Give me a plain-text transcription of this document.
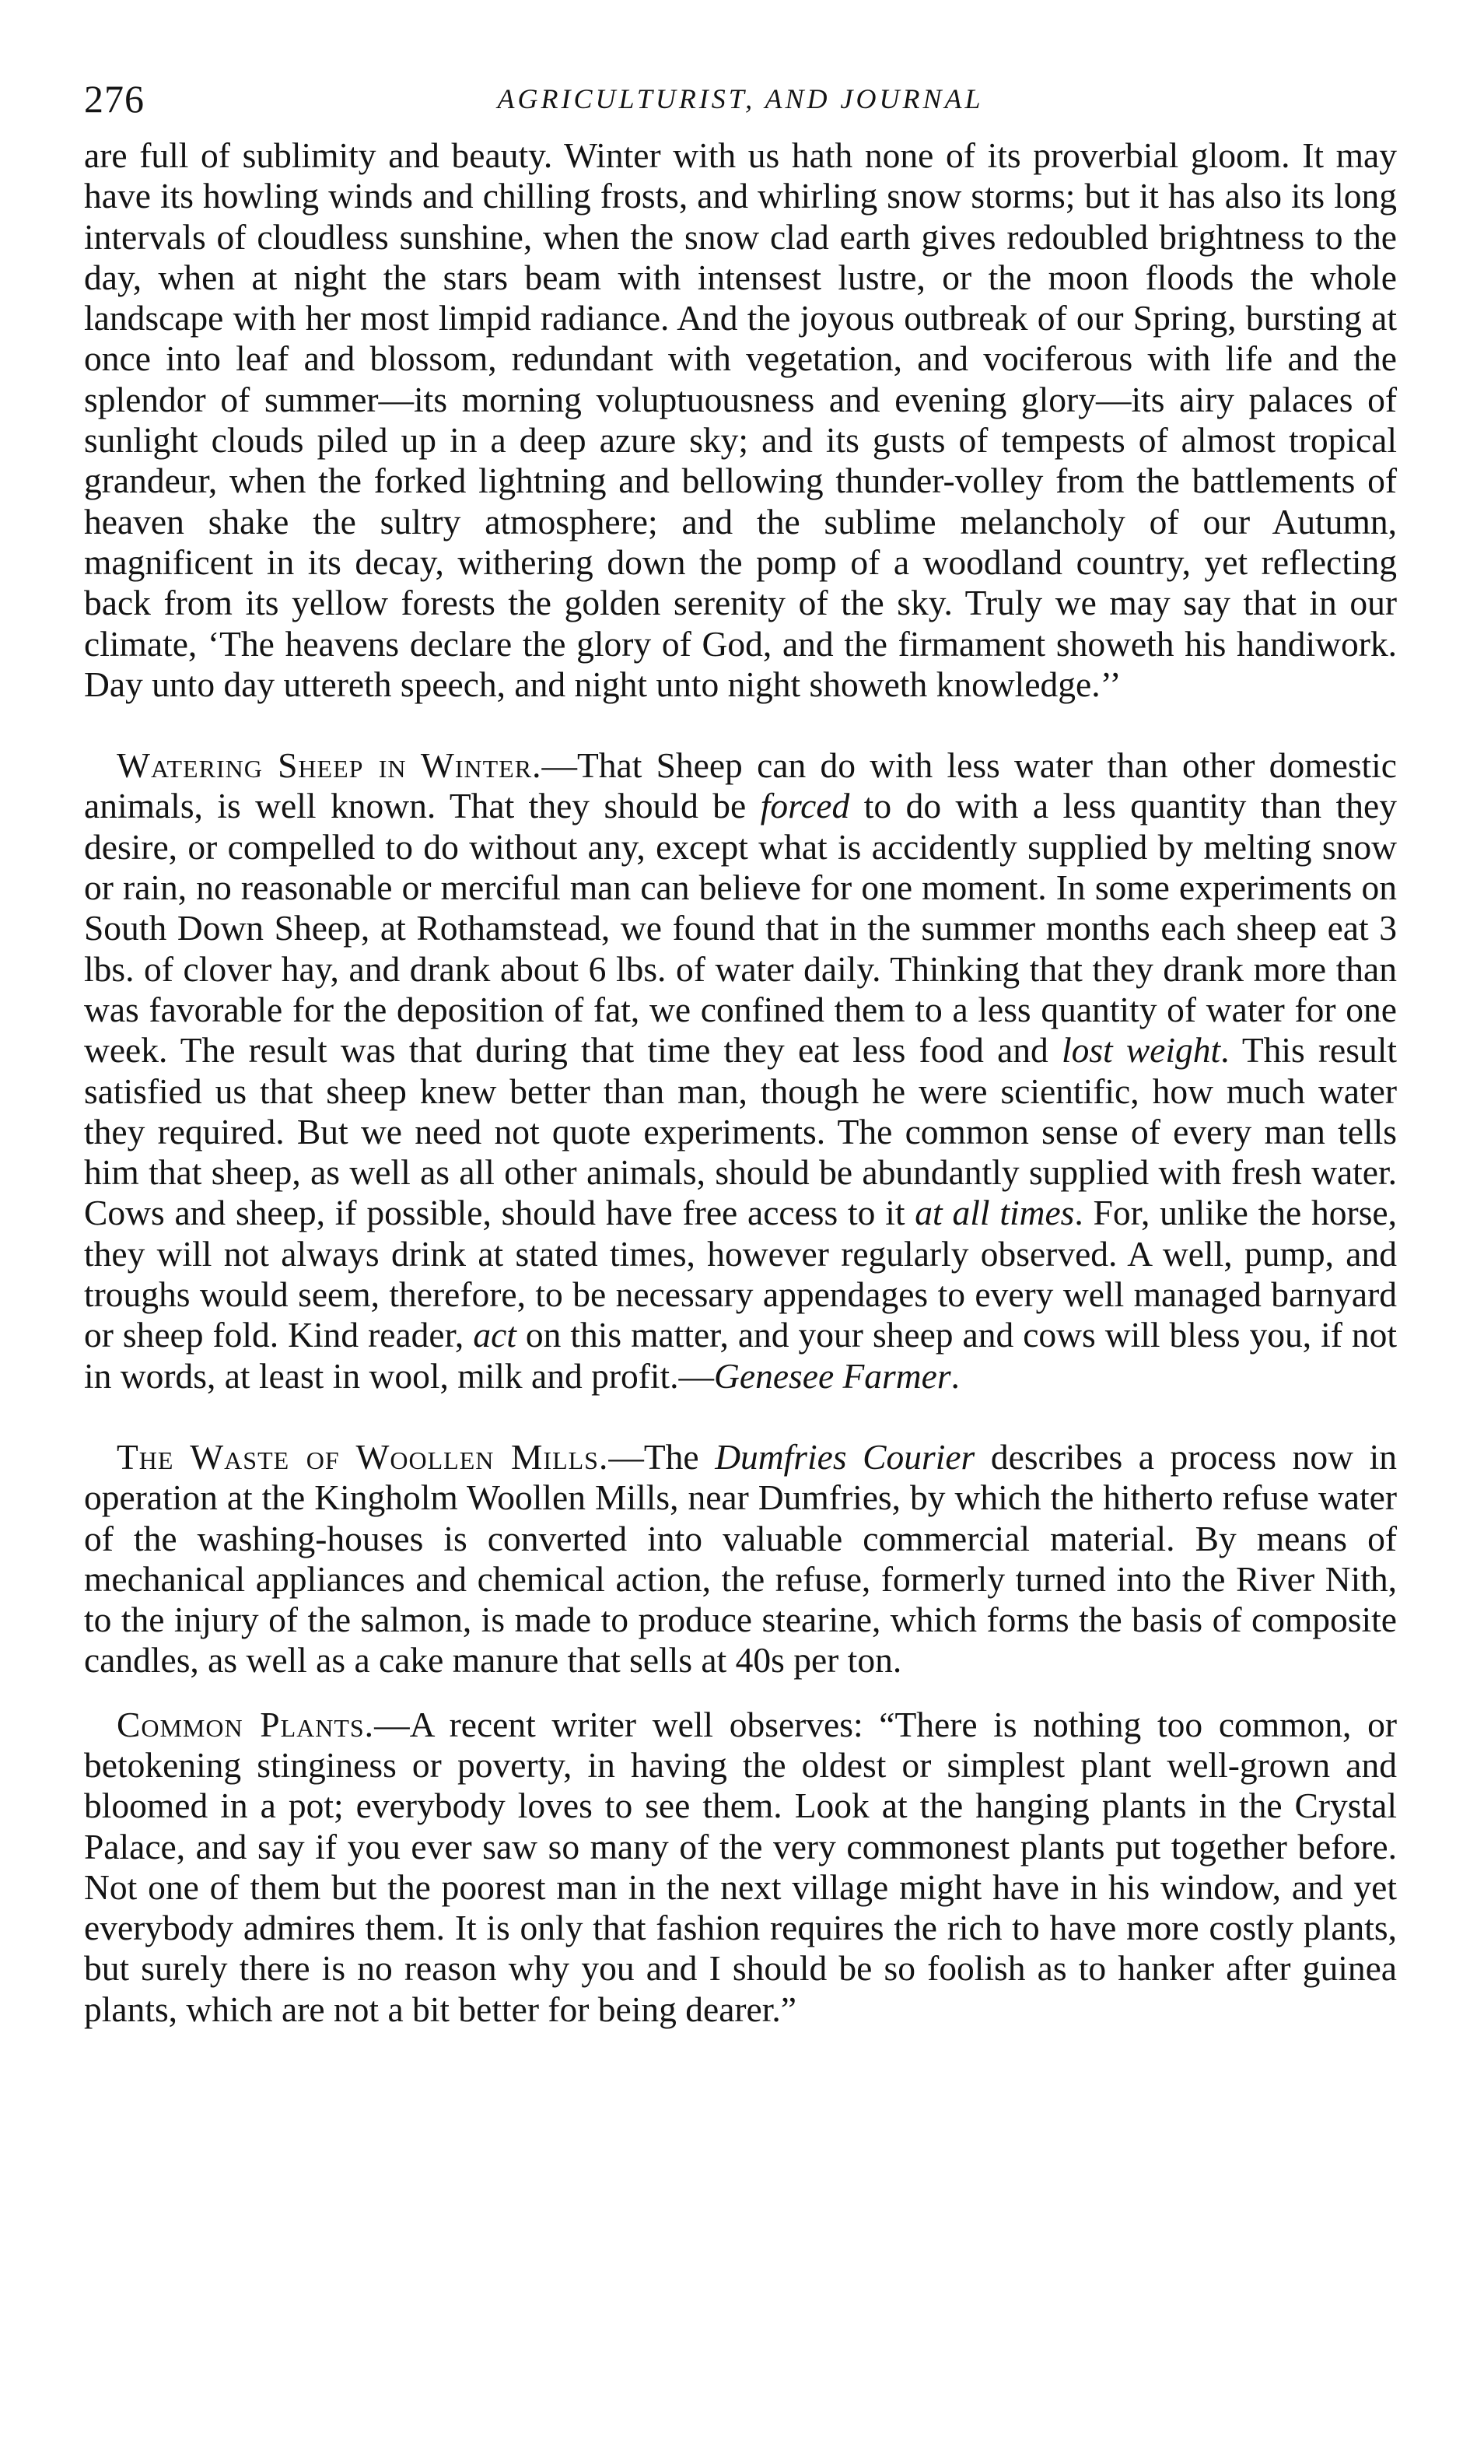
276	AGRICULTURIST, AND JOURNAL

are full of sublimity and beauty. Winter with us hath none of its proverbial gloom. It may have its howling winds and chilling frosts, and whirling snow storms; but it has also its long intervals of cloudless sunshine, when the snow clad earth gives redoubled brightness to the day, when at night the stars beam with intensest lustre, or the moon floods the whole landscape with her most limpid radiance. And the joyous outbreak of our Spring, bursting at once into leaf and blossom, redundant with vegetation, and vociferous with life and the splendor of summer—its morning voluptuousness and evening glory—its airy palaces of sunlight clouds piled up in a deep azure sky; and its gusts of tempests of almost tropical grandeur, when the forked lightning and bellowing thunder-volley from the battlements of heaven shake the sultry atmosphere; and the sublime melancholy of our Autumn, magnificent in its decay, withering down the pomp of a woodland country, yet reflecting back from its yellow forests the golden serenity of the sky. Truly we may say that in our climate, ‘The heavens declare the glory of God, and the firmament showeth his handiwork. Day unto day uttereth speech, and night unto night showeth knowledge.’’

Watering Sheep in Winter.—That Sheep can do with less water than other domestic animals, is well known. That they should be forced to do with a less quantity than they desire, or compelled to do without any, except what is accidently supplied by melting snow or rain, no reasonable or merciful man can believe for one moment. In some experiments on South Down Sheep, at Rothamstead, we found that in the summer months each sheep eat 3 lbs. of clover hay, and drank about 6 lbs. of water daily. Thinking that they drank more than was favorable for the deposition of fat, we confined them to a less quantity of water for one week. The result was that during that time they eat less food and lost weight. This result satisfied us that sheep knew better than man, though he were scientific, how much water they required. But we need not quote experiments. The common sense of every man tells him that sheep, as well as all other animals, should be abundantly supplied with fresh water. Cows and sheep, if possible, should have free access to it at all times. For, unlike the horse, they will not always drink at stated times, however regularly observed. A well, pump, and troughs would seem, therefore, to be necessary appendages to every well managed barnyard or sheep fold. Kind reader, act on this matter, and your sheep and cows will bless you, if not in words, at least in wool, milk and profit.—Genesee Farmer.

The Waste of Woollen Mills.—The Dumfries Courier describes a process now in operation at the Kingholm Woollen Mills, near Dumfries, by which the hitherto refuse water of the washing-houses is converted into valuable commercial material. By means of mechanical appliances and chemical action, the refuse, formerly turned into the River Nith, to the injury of the salmon, is made to produce stearine, which forms the basis of composite candles, as well as a cake manure that sells at 40s per ton.

Common Plants.—A recent writer well observes: “There is nothing too common, or betokening stinginess or poverty, in having the oldest or simplest plant well-grown and bloomed in a pot; everybody loves to see them. Look at the hanging plants in the Crystal Palace, and say if you ever saw so many of the very commonest plants put together before. Not one of them but the poorest man in the next village might have in his window, and yet everybody admires them. It is only that fashion requires the rich to have more costly plants, but surely there is no reason why you and I should be so foolish as to hanker after guinea plants, which are not a bit better for being dearer.”
